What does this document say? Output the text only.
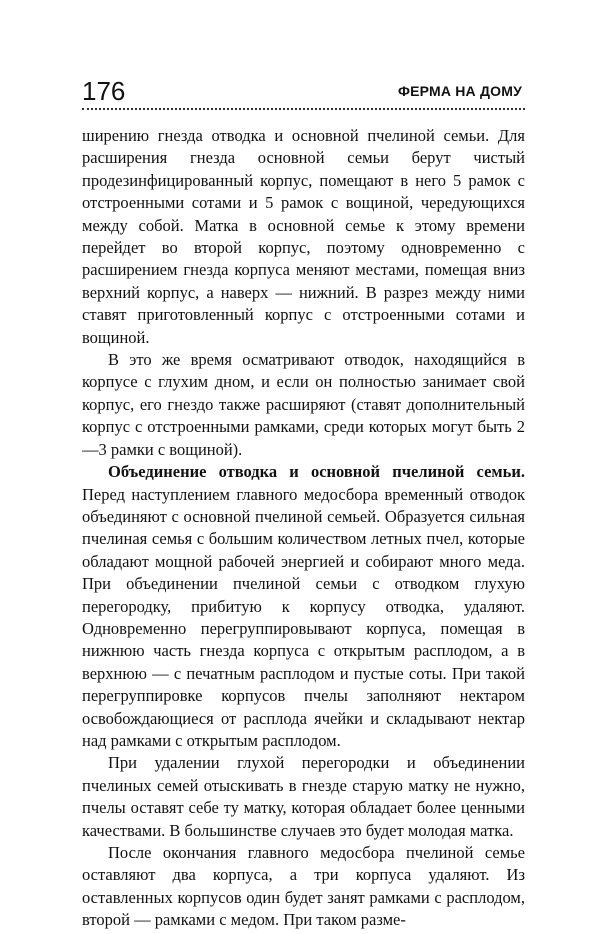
176	ФЕРМА НА ДОМУ

ширению гнезда отводка и основной пчелиной семьи. Для расширения гнезда основной семьи берут чистый продезинфицированный корпус, помещают в него 5 рамок с отстроенными сотами и 5 рамок с вощиной, чередующихся между собой. Матка в основной семье к этому времени перейдет во второй корпус, поэтому одновременно с расширением гнезда корпуса меняют местами, помещая вниз верхний корпус, а наверх — нижний. В разрез между ними ставят приготовленный корпус с отстроенными сотами и вощиной.

В это же время осматривают отводок, находящийся в корпусе с глухим дном, и если он полностью занимает свой корпус, его гнездо также расширяют (ставят дополнительный корпус с отстроенными рамками, среди которых могут быть 2—3 рамки с вощиной).

Объединение отводка и основной пчелиной семьи. Перед наступлением главного медосбора временный отводок объединяют с основной пчелиной семьей. Образуется сильная пчелиная семья с большим количеством летных пчел, которые обладают мощной рабочей энергией и собирают много меда. При объединении пчелиной семьи с отводком глухую перегородку, прибитую к корпусу отводка, удаляют. Одновременно перегруппировывают корпуса, помещая в нижнюю часть гнезда корпуса с открытым расплодом, а в верхнюю — с печатным расплодом и пустые соты. При такой перегруппировке корпусов пчелы заполняют нектаром освобождающиеся от расплода ячейки и складывают нектар над рамками с открытым расплодом.

При удалении глухой перегородки и объединении пчелиных семей отыскивать в гнезде старую матку не нужно, пчелы оставят себе ту матку, которая обладает более ценными качествами. В большинстве случаев это будет молодая матка.

После окончания главного медосбора пчелиной семье оставляют два корпуса, а три корпуса удаляют. Из оставленных корпусов один будет занят рамками с расплодом, второй — рамками с медом. При таком разме-
